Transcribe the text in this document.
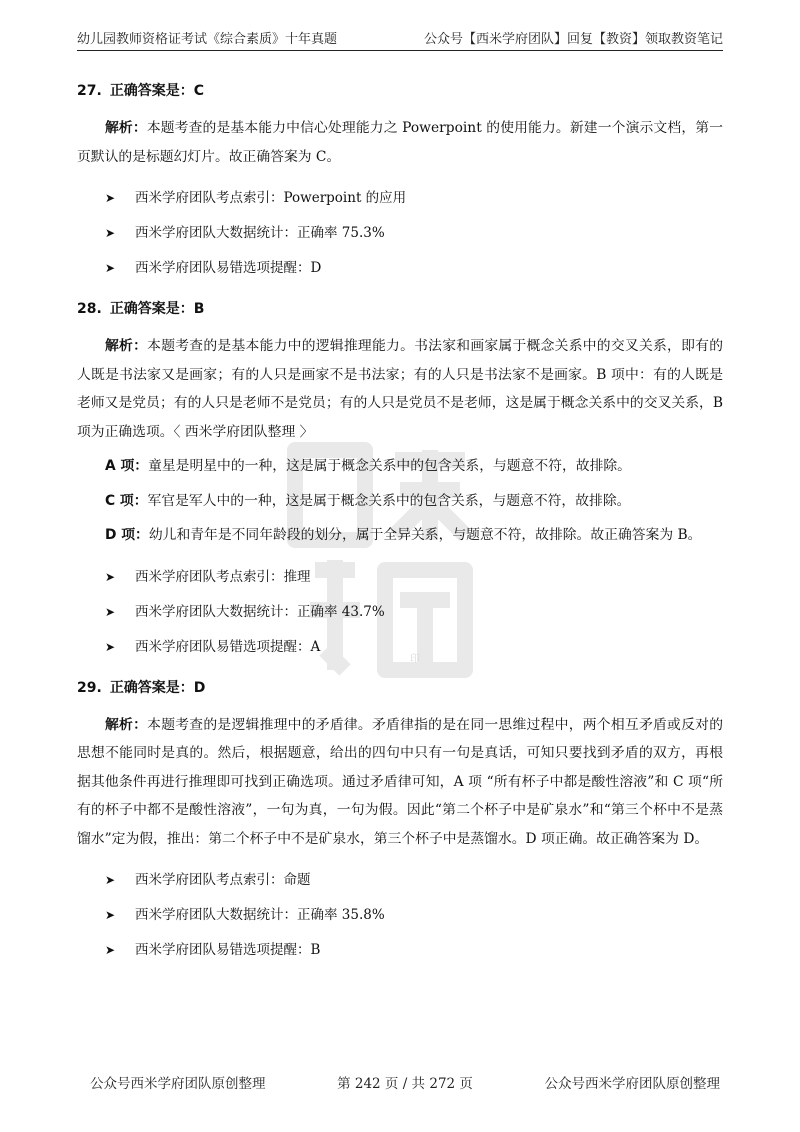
印
幼儿园教师资格证考试《综合素质》十年真题	公众号【西米学府团队】回复【教资】领取教资笔记
27. 正确答案是：C

解析：本题考查的是基本能力中信心处理能力之 Powerpoint 的使用能力。新建一个演示文档，第一页默认的是标题幻灯片。故正确答案为 C。

➤	西米学府团队考点索引：Powerpoint 的应用
➤	西米学府团队大数据统计：正确率 75.3%
➤	西米学府团队易错选项提醒：D
28. 正确答案是：B

解析：本题考查的是基本能力中的逻辑推理能力。书法家和画家属于概念关系中的交叉关系，即有的人既是书法家又是画家；有的人只是画家不是书法家；有的人只是书法家不是画家。B 项中：有的人既是老师又是党员；有的人只是老师不是党员；有的人只是党员不是老师，这是属于概念关系中的交叉关系，B 项为正确选项。〈 西米学府团队整理 〉

A 项：童星是明星中的一种，这是属于概念关系中的包含关系，与题意不符，故排除。

C 项：军官是军人中的一种，这是属于概念关系中的包含关系，与题意不符，故排除。

D 项：幼儿和青年是不同年龄段的划分，属于全异关系，与题意不符，故排除。故正确答案为 B。

➤	西米学府团队考点索引：推理
➤	西米学府团队大数据统计：正确率 43.7%
➤	西米学府团队易错选项提醒：A
29. 正确答案是：D

解析：本题考查的是逻辑推理中的矛盾律。矛盾律指的是在同一思维过程中，两个相互矛盾或反对的思想不能同时是真的。然后，根据题意，给出的四句中只有一句是真话，可知只要找到矛盾的双方，再根据其他条件再进行推理即可找到正确选项。通过矛盾律可知，A 项 “所有杯子中都是酸性溶液”和 C 项“所有的杯子中都不是酸性溶液”，一句为真，一句为假。因此“第二个杯子中是矿泉水”和“第三个杯中不是蒸馏水”定为假，推出：第二个杯子中不是矿泉水，第三个杯子中是蒸馏水。D 项正确。故正确答案为 D。

➤	西米学府团队考点索引：命题
➤	西米学府团队大数据统计：正确率 35.8%
➤	西米学府团队易错选项提醒：B
公众号西米学府团队原创整理	第 242 页 / 共 272 页	公众号西米学府团队原创整理
